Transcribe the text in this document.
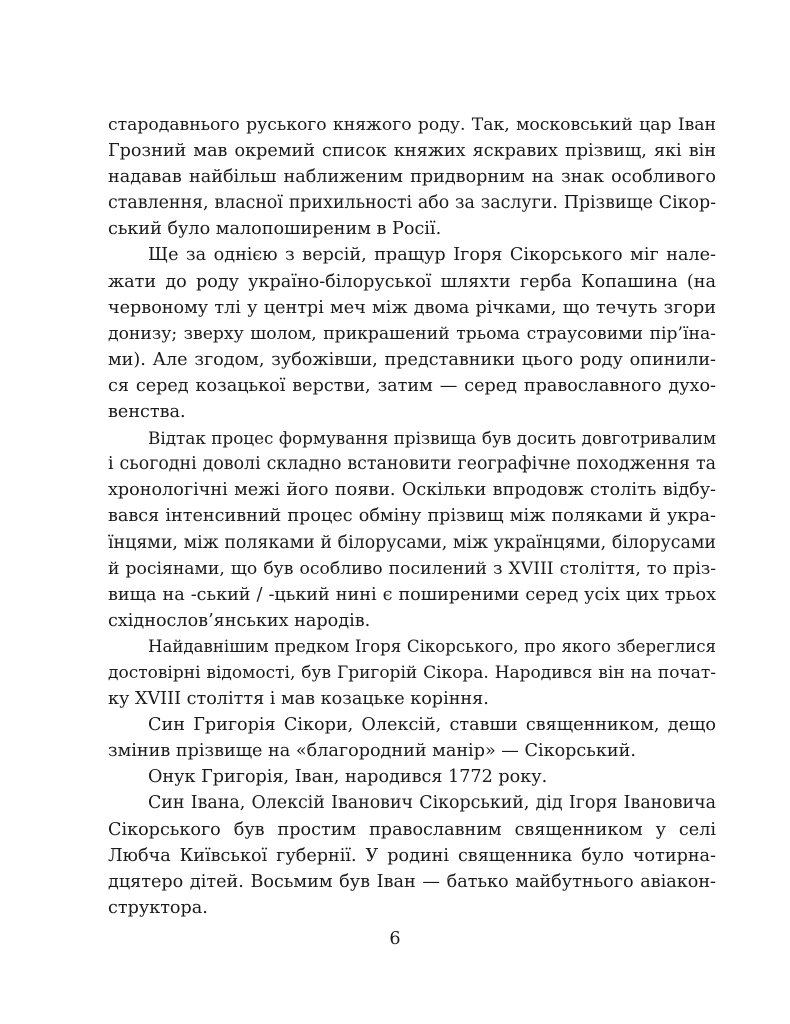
стародавнього руського княжого роду. Так, московський цар Іван
Грозний мав окремий список княжих яскравих прізвищ, які він
надавав найбільш наближеним придворним на знак особливого
ставлення, власної прихильності або за заслуги. Прізвище Сікор-
ський було малопоширеним в Росії.
Ще за однією з версій, пращур Ігоря Сікорського міг нале-
жати до роду україно-білоруської шляхти герба Копашина (на
червоному тлі у центрі меч між двома річками, що течуть згори
донизу; зверху шолом, прикрашений трьома страусовими пір’їна-
ми). Але згодом, зубожівши, представники цього роду опинили-
ся серед козацької верстви, затим — серед православного духо-
венства.
Відтак процес формування прізвища був досить довготривалим
і сьогодні доволі складно встановити географічне походження та
хронологічні межі його появи. Оскільки впродовж століть відбу-
вався інтенсивний процес обміну прізвищ між поляками й укра-
їнцями, між поляками й білорусами, між українцями, білорусами
й росіянами, що був особливо посилений з XVIII століття, то пріз-
вища на -ський / -цький нині є поширеними серед усіх цих трьох
східнослов’янських народів.
Найдавнішим предком Ігоря Сікорського, про якого збереглися
достовірні відомості, був Григорій Сікора. Народився він на почат-
ку XVIII століття і мав козацьке коріння.
Син Григорія Сікори, Олексій, ставши священником, дещо
змінив прізвище на «благородний манір» — Сікорський.
Онук Григорія, Іван, народився 1772 року.
Син Івана, Олексій Іванович Сікорський, дід Ігоря Івановича
Сікорського був простим православним священником у селі
Любча Київської губернії. У родині священника було чотирна-
дцятеро дітей. Восьмим був Іван — батько майбутнього авіакон-
структора.
6
